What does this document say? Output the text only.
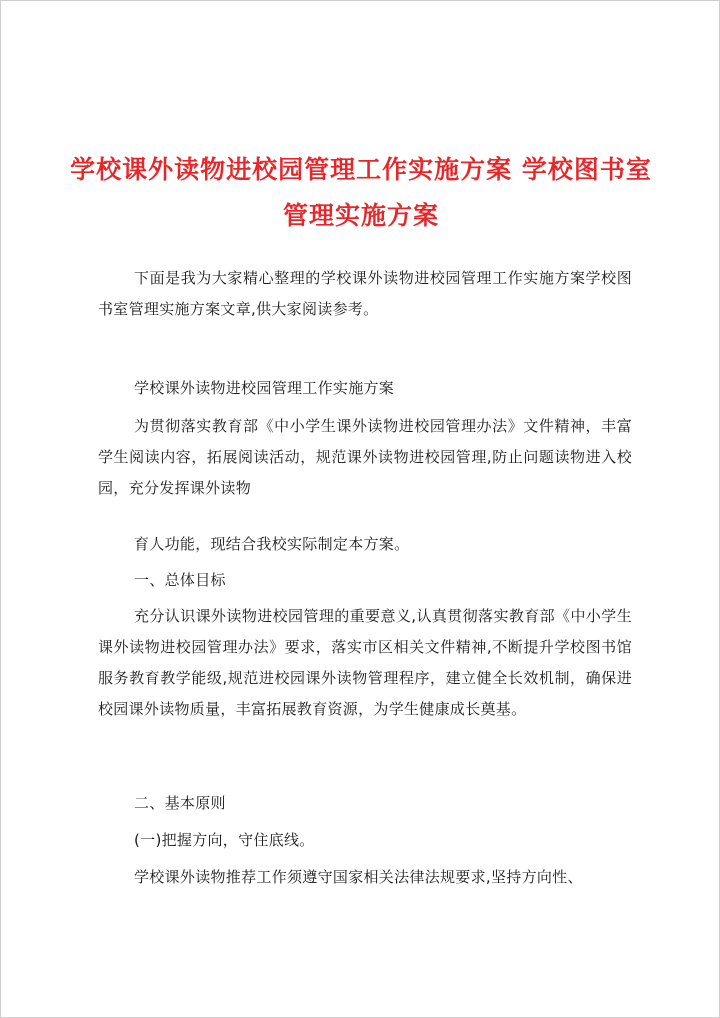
学校课外读物进校园管理工作实施方案 学校图书室管理实施方案

下面是我为大家精心整理的学校课外读物进校园管理工作实施方案学校图书室管理实施方案文章,供大家阅读参考。

学校课外读物进校园管理工作实施方案

为贯彻落实教育部《中小学生课外读物进校园管理办法》文件精神，丰富学生阅读内容，拓展阅读活动，规范课外读物进校园管理,防止问题读物进入校园，充分发挥课外读物

育人功能，现结合我校实际制定本方案。

一、总体目标

充分认识课外读物进校园管理的重要意义,认真贯彻落实教育部《中小学生课外读物进校园管理办法》要求，落实市区相关文件精神,不断提升学校图书馆服务教育教学能级,规范进校园课外读物管理程序，建立健全长效机制，确保进校园课外读物质量，丰富拓展教育资源，为学生健康成长奠基。

二、基本原则

(一)把握方向，守住底线。

学校课外读物推荐工作须遵守国家相关法律法规要求,坚持方向性、
